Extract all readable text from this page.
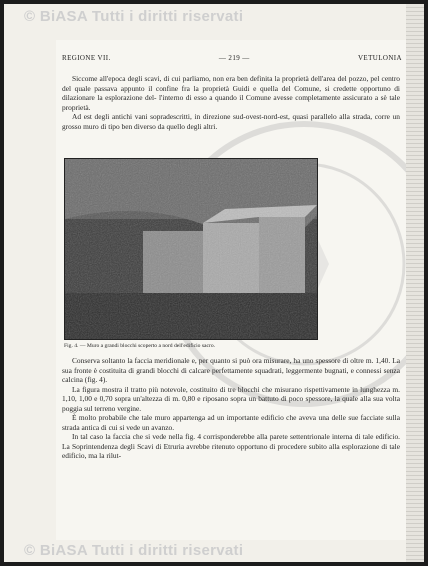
© BiASA Tutti i diritti riservati
REGIONE VII.	— 219 —	VETULONIA

Siccome all'epoca degli scavi, di cui parliamo, non era ben definita la proprietà dell'area del pozzo, pel centro del quale passava appunto il confine fra la proprietà Guidi e quella del Comune, si credette opportuno di dilazionare la esplorazione del- l'interno di esso a quando il Comune avesse completamente assicurato a sè tale proprietà.

Ad est degli antichi vani sopradescritti, in direzione sud-ovest-nord-est, quasi parallelo alla strada, corre un grosso muro di tipo ben diverso da quello degli altri.

Fig. 4. — Muro a grandi blocchi scoperto a nord dell'edificio sacro.

Conserva soltanto la faccia meridionale e, per quanto si può ora misurare, ha uno spessore di oltre m. 1,40. La sua fronte è costituita di grandi blocchi di calcare perfettamente squadrati, leggermente bugnati, e connessi senza calcina (fig. 4).

La figura mostra il tratto più notevole, costituito di tre blocchi che misurano rispettivamente in lunghezza m. 1,10, 1,00 e 0,70 sopra un'altezza di m. 0,80 e riposano sopra un battuto di poco spessore, la quale alla sua volta poggia sul terreno vergine.

È molto probabile che tale muro appartenga ad un importante edificio che aveva una delle sue facciate sulla strada antica di cui si vede un avanzo.

In tal caso la faccia che si vede nella fig. 4 corrisponderebbe alla parete settentrionale interna di tale edificio. La Soprintendenza degli Scavi di Etruria avrebbe ritenuto opportuno di procedere subito alla esplorazione di tale edificio, ma la rilut-

© BiASA Tutti i diritti riservati
